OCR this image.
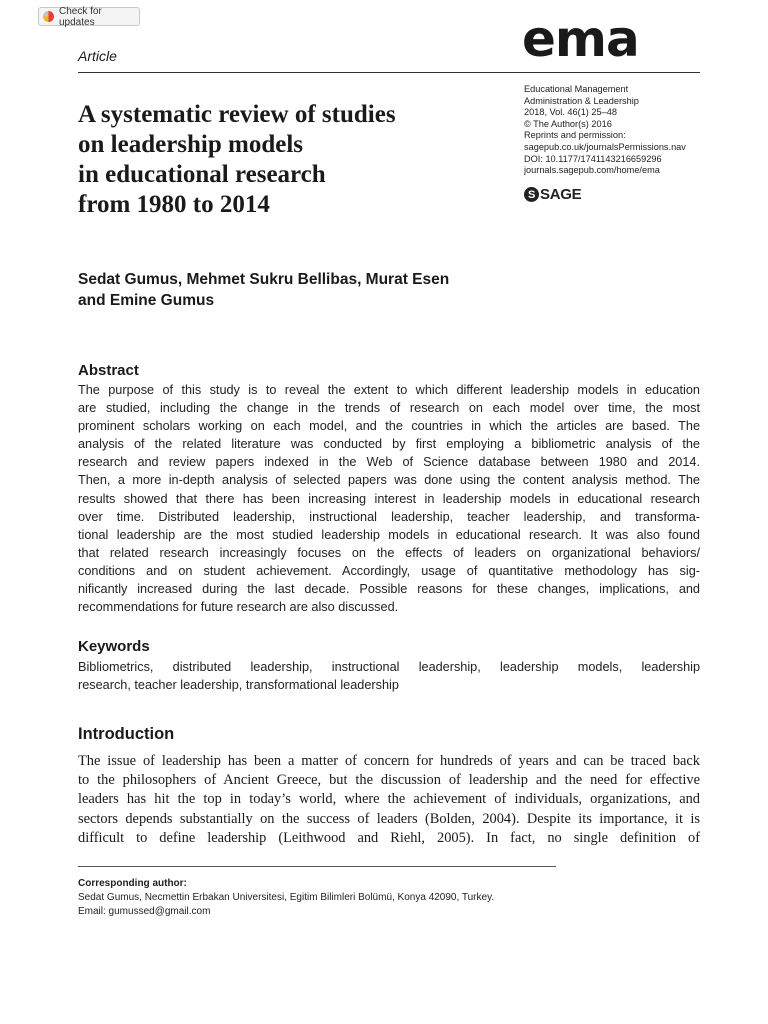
Check for updates
Article	ema
A systematic review of studies
on leadership models
in educational research
from 1980 to 2014
Educational Management
Administration & Leadership
2018, Vol. 46(1) 25–48
© The Author(s) 2016
Reprints and permission:
sagepub.co.uk/journalsPermissions.nav
DOI: 10.1177/1741143216659296
journals.sagepub.com/home/ema
S SAGE
Sedat Gumus, Mehmet Sukru Bellibas, Murat Esen
and Emine Gumus
Abstract
The purpose of this study is to reveal the extent to which different leadership models in education
are studied, including the change in the trends of research on each model over time, the most
prominent scholars working on each model, and the countries in which the articles are based. The
analysis of the related literature was conducted by first employing a bibliometric analysis of the
research and review papers indexed in the Web of Science database between 1980 and 2014.
Then, a more in-depth analysis of selected papers was done using the content analysis method. The
results showed that there has been increasing interest in leadership models in educational research
over time. Distributed leadership, instructional leadership, teacher leadership, and transforma-
tional leadership are the most studied leadership models in educational research. It was also found
that related research increasingly focuses on the effects of leaders on organizational behaviors/
conditions and on student achievement. Accordingly, usage of quantitative methodology has sig-
nificantly increased during the last decade. Possible reasons for these changes, implications, and
recommendations for future research are also discussed.
Keywords
Bibliometrics, distributed leadership, instructional leadership, leadership models, leadership
research, teacher leadership, transformational leadership
Introduction
The issue of leadership has been a matter of concern for hundreds of years and can be traced back
to the philosophers of Ancient Greece, but the discussion of leadership and the need for effective
leaders has hit the top in today’s world, where the achievement of individuals, organizations, and
sectors depends substantially on the success of leaders (Bolden, 2004). Despite its importance, it is
difficult to define leadership (Leithwood and Riehl, 2005). In fact, no single definition of
Corresponding author:
Sedat Gumus, Necmettin Erbakan Universitesi, Egitim Bilimleri Bolümü, Konya 42090, Turkey.
Email: gumussed@gmail.com
